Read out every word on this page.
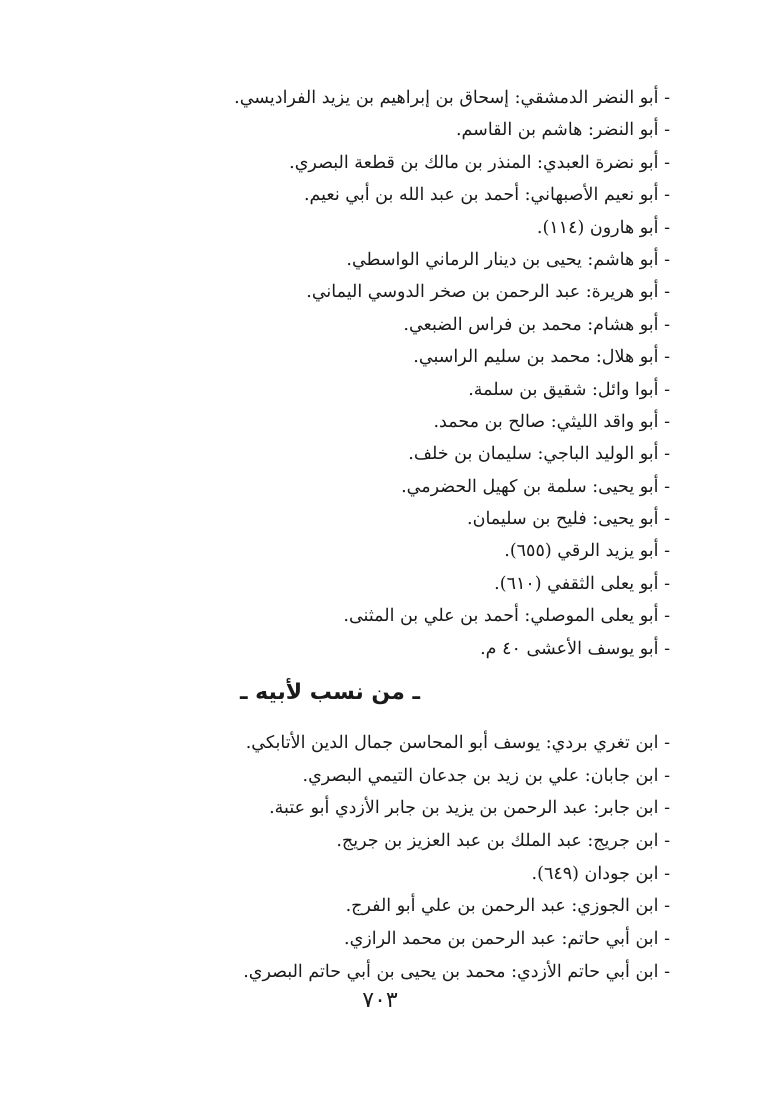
- أبو النضر الدمشقي: إسحاق بن إبراهيم بن يزيد الفراديسي.
- أبو النضر: هاشم بن القاسم.
- أبو نضرة العبدي: المنذر بن مالك بن قطعة البصري.
- أبو نعيم الأصبهاني: أحمد بن عبد الله بن أبي نعيم.
- أبو هارون (١١٤).
- أبو هاشم: يحيى بن دينار الرماني الواسطي.
- أبو هريرة: عبد الرحمن بن صخر الدوسي اليماني.
- أبو هشام: محمد بن فراس الضبعي.
- أبو هلال: محمد بن سليم الراسبي.
- أبوا وائل: شقيق بن سلمة.
- أبو واقد الليثي: صالح بن محمد.
- أبو الوليد الباجي: سليمان بن خلف.
- أبو يحيى: سلمة بن كهيل الحضرمي.
- أبو يحيى: فليح بن سليمان.
- أبو يزيد الرقي (٦٥٥).
- أبو يعلى الثقفي (٦١٠).
- أبو يعلى الموصلي: أحمد بن علي بن المثنى.
- أبو يوسف الأعشى ٤٠ م.
ـ من نسب لأبيه ـ
- ابن تغري بردي: يوسف أبو المحاسن جمال الدين الأتابكي.
- ابن جابان: علي بن زيد بن جدعان التيمي البصري.
- ابن جابر: عبد الرحمن بن يزيد بن جابر الأزدي أبو عتبة.
- ابن جريج: عبد الملك بن عبد العزيز بن جريج.
- ابن جودان (٦٤٩).
- ابن الجوزي: عبد الرحمن بن علي أبو الفرج.
- ابن أبي حاتم: عبد الرحمن بن محمد الرازي.
- ابن أبي حاتم الأزدي: محمد بن يحيى بن أبي حاتم البصري.
٧٠٣
